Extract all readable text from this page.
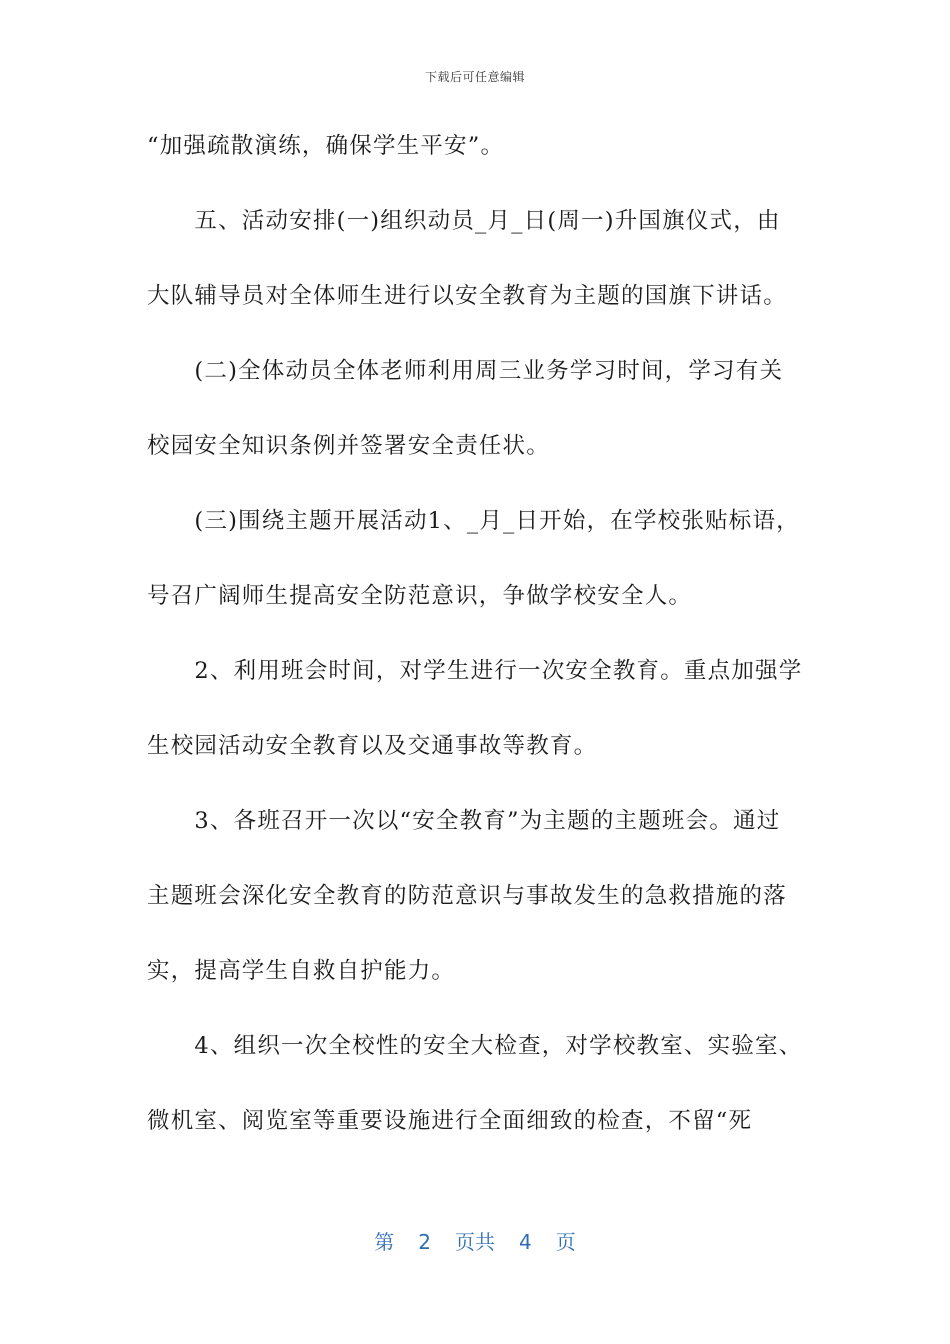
下载后可任意编辑
“加强疏散演练，确保学生平安”。
　　五、活动安排(一)组织动员_月_日(周一)升国旗仪式，由
大队辅导员对全体师生进行以安全教育为主题的国旗下讲话。
　　(二)全体动员全体老师利用周三业务学习时间，学习有关
校园安全知识条例并签署安全责任状。
　　(三)围绕主题开展活动1、_月_日开始，在学校张贴标语，
号召广阔师生提高安全防范意识，争做学校安全人。
　　2、利用班会时间，对学生进行一次安全教育。重点加强学
生校园活动安全教育以及交通事故等教育。
　　3、各班召开一次以“安全教育”为主题的主题班会。通过
主题班会深化安全教育的防范意识与事故发生的急救措施的落
实，提高学生自救自护能力。
　　4、组织一次全校性的安全大检查，对学校教室、实验室、
微机室、阅览室等重要设施进行全面细致的检查，不留“死
第 2 页共 4 页
